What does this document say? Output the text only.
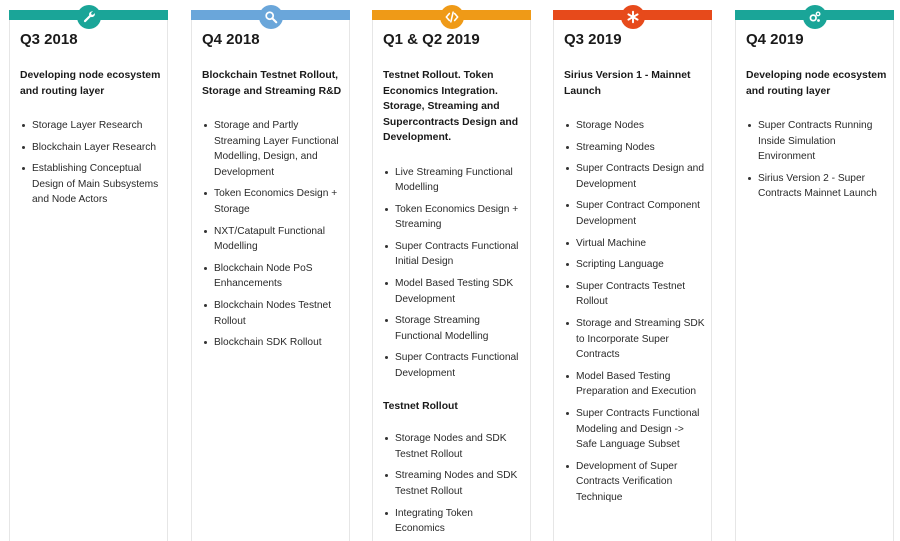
Q3 2018
Developing node ecosystem and routing layer
Storage Layer Research
Blockchain Layer Research
Establishing Conceptual Design of Main Subsystems and Node Actors
Q4 2018
Blockchain Testnet Rollout, Storage and Streaming R&D
Storage and Partly Streaming Layer Functional Modelling, Design, and Development
Token Economics Design + Storage
NXT/Catapult Functional Modelling
Blockchain Node PoS Enhancements
Blockchain Nodes Testnet Rollout
Blockchain SDK Rollout
Q1 & Q2 2019
Testnet Rollout. Token Economics Integration. Storage, Streaming and Supercontracts Design and Development.
Live Streaming Functional Modelling
Token Economics Design + Streaming
Super Contracts Functional Initial Design
Model Based Testing SDK Development
Storage Streaming Functional Modelling
Super Contracts Functional Development
Testnet Rollout
Storage Nodes and SDK Testnet Rollout
Streaming Nodes and SDK Testnet Rollout
Integrating Token Economics
Q3 2019
Sirius Version 1 - Mainnet Launch
Storage Nodes
Streaming Nodes
Super Contracts Design and Development
Super Contract Component Development
Virtual Machine
Scripting Language
Super Contracts Testnet Rollout
Storage and Streaming SDK to Incorporate Super Contracts
Model Based Testing Preparation and Execution
Super Contracts Functional Modeling and Design -> Safe Language Subset
Development of Super Contracts Verification Technique
Q4 2019
Developing node ecosystem and routing layer
Super Contracts Running Inside Simulation Environment
Sirius Version 2 - Super Contracts Mainnet Launch
